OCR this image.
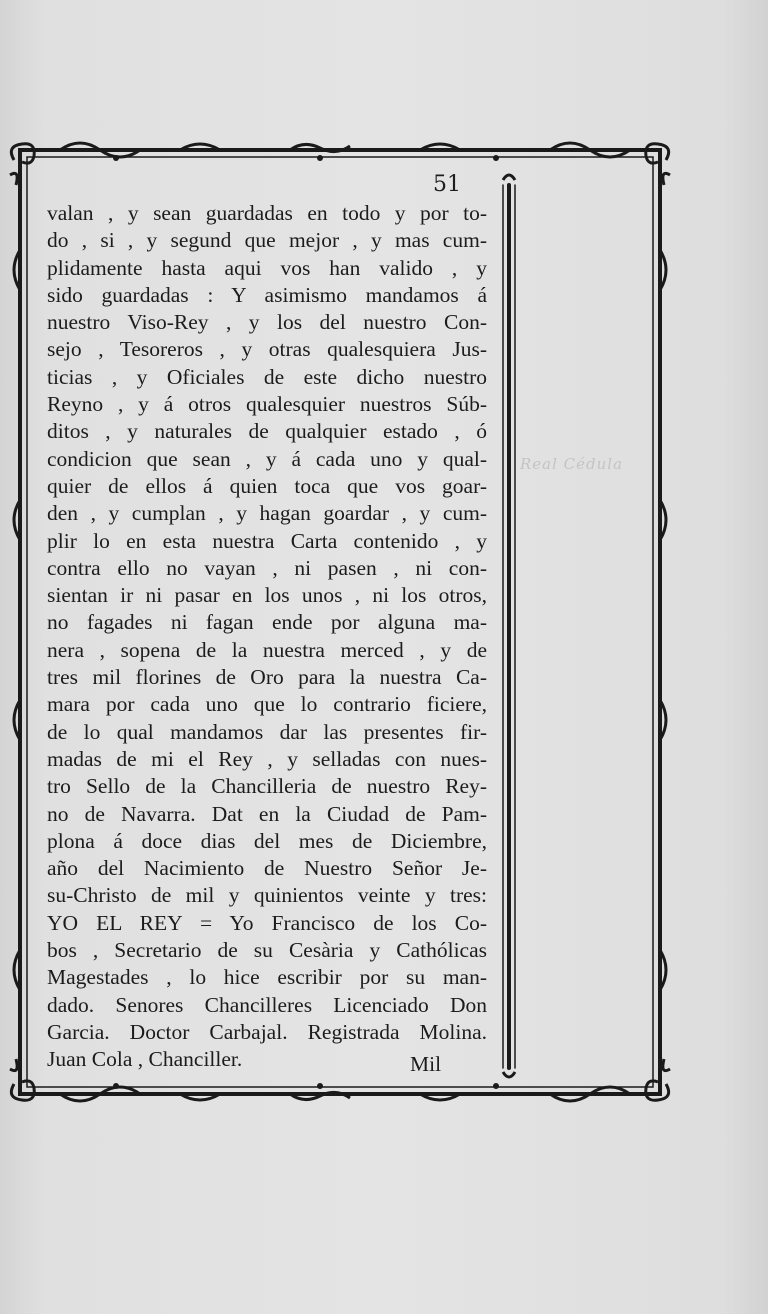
Real Cédula
51
valan , y sean guardadas en todo y por to-
do , si , y segund que mejor , y mas cum-
plidamente hasta aqui vos han valido , y
sido guardadas : Y asimismo mandamos á
nuestro Viso-Rey , y los del nuestro Con-
sejo , Tesoreros , y otras qualesquiera Jus-
ticias , y Oficiales de este dicho nuestro
Reyno , y á otros qualesquier nuestros Súb-
ditos , y naturales de qualquier estado , ó
condicion que sean , y á cada uno y qual-
quier de ellos á quien toca que vos goar-
den , y cumplan , y hagan goardar , y cum-
plir lo en esta nuestra Carta contenido , y
contra ello no vayan , ni pasen , ni con-
sientan ir ni pasar en los unos , ni los otros,
no fagades ni fagan ende por alguna ma-
nera , sopena de la nuestra merced , y de
tres mil florines de Oro para la nuestra Ca-
mara por cada uno que lo contrario ficiere,
de lo qual mandamos dar las presentes fir-
madas de mi el Rey , y selladas con nues-
tro Sello de la Chancilleria de nuestro Rey-
no de Navarra. Dat en la Ciudad de Pam-
plona á doce dias del mes de Diciembre,
año del Nacimiento de Nuestro Señor Je-
su-Christo de mil y quinientos veinte y tres:
YO EL REY = Yo Francisco de los Co-
bos , Secretario de su Cesària y Cathólicas
Magestades , lo hice escribir por su man-
dado. Senores Chancilleres Licenciado Don
Garcia. Doctor Carbajal. Registrada Molina.
Juan Cola , Chanciller.	Mil
